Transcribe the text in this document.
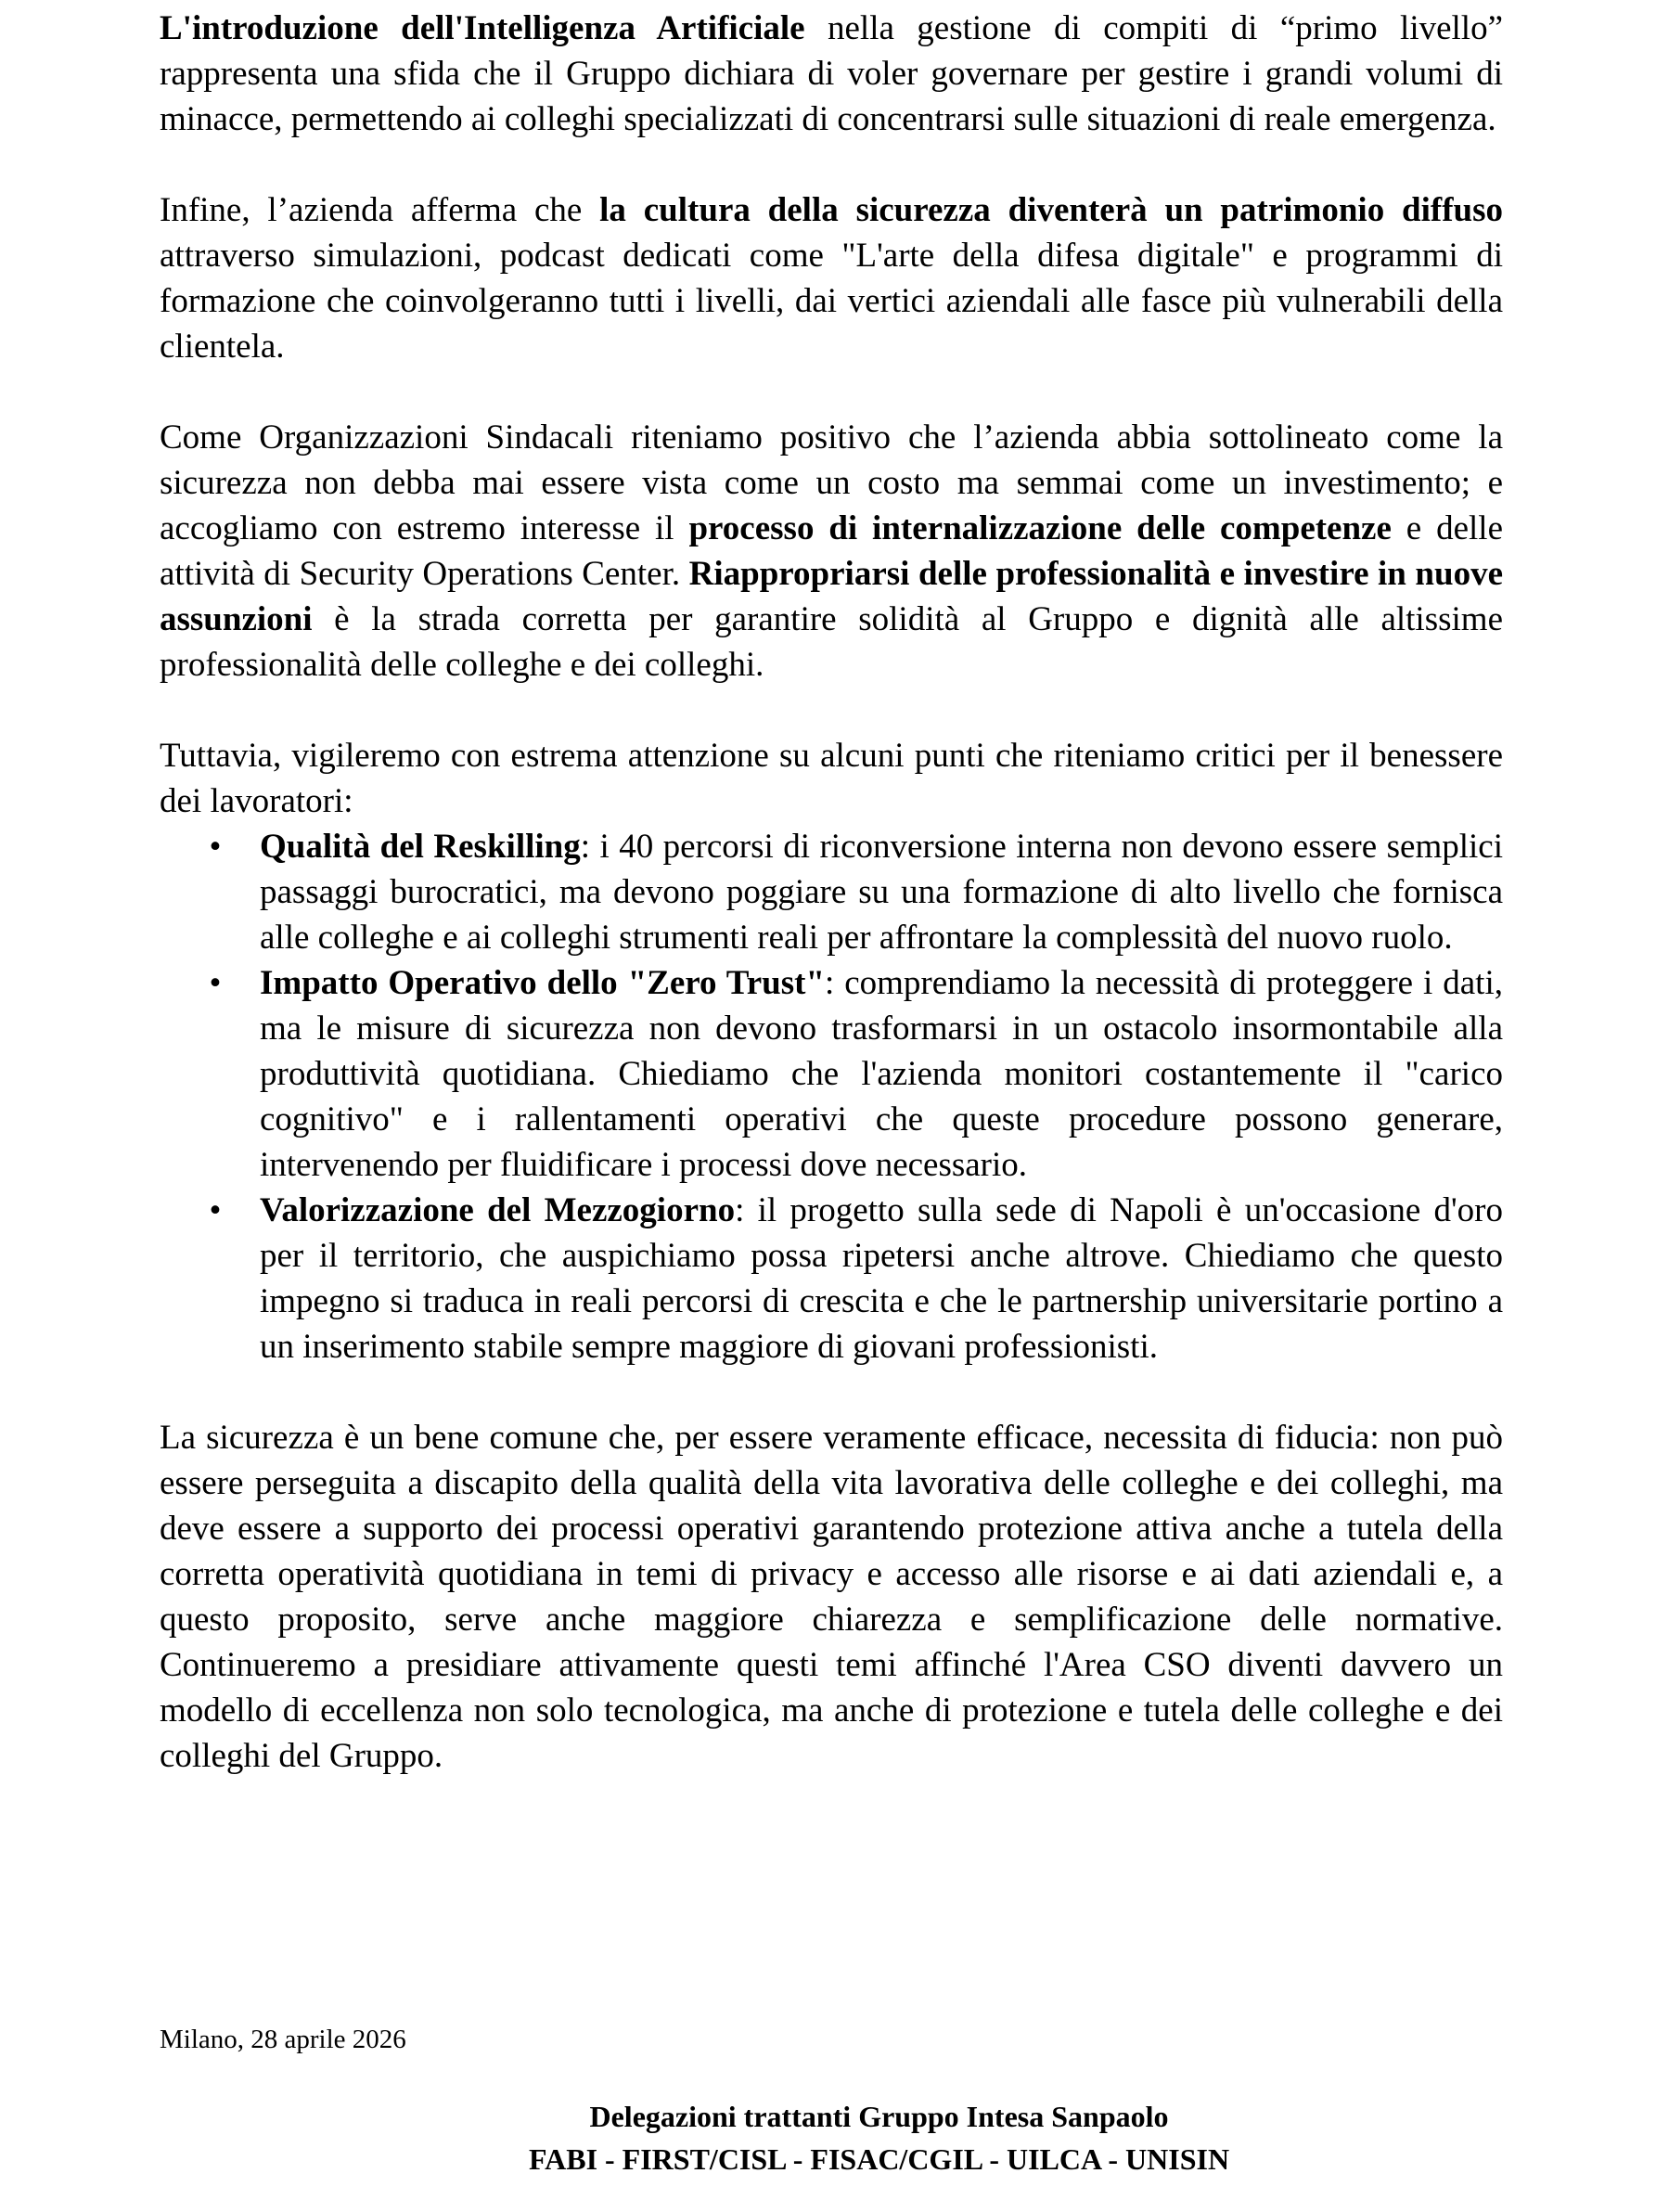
L'introduzione dell'Intelligenza Artificiale nella gestione di compiti di “primo livello” rappresenta una sfida che il Gruppo dichiara di voler governare per gestire i grandi volumi di minacce, permettendo ai colleghi specializzati di concentrarsi sulle situazioni di reale emergenza.

Infine, l’azienda afferma che la cultura della sicurezza diventerà un patrimonio diffuso attraverso simulazioni, podcast dedicati come "L'arte della difesa digitale" e programmi di formazione che coinvolgeranno tutti i livelli, dai vertici aziendali alle fasce più vulnerabili della clientela.

Come Organizzazioni Sindacali riteniamo positivo che l’azienda abbia sottolineato come la sicurezza non debba mai essere vista come un costo ma semmai come un investimento; e accogliamo con estremo interesse il processo di internalizzazione delle competenze e delle attività di Security Operations Center. Riappropriarsi delle professionalità e investire in nuove assunzioni è la strada corretta per garantire solidità al Gruppo e dignità alle altissime professionalità delle colleghe e dei colleghi.

Tuttavia, vigileremo con estrema attenzione su alcuni punti che riteniamo critici per il benessere dei lavoratori:

• Qualità del Reskilling: i 40 percorsi di riconversione interna non devono essere semplici passaggi burocratici, ma devono poggiare su una formazione di alto livello che fornisca alle colleghe e ai colleghi strumenti reali per affrontare la complessità del nuovo ruolo.
• Impatto Operativo dello "Zero Trust": comprendiamo la necessità di proteggere i dati, ma le misure di sicurezza non devono trasformarsi in un ostacolo insormontabile alla produttività quotidiana. Chiediamo che l'azienda monitori costantemente il "carico cognitivo" e i rallentamenti operativi che queste procedure possono generare, intervenendo per fluidificare i processi dove necessario.
• Valorizzazione del Mezzogiorno: il progetto sulla sede di Napoli è un'occasione d'oro per il territorio, che auspichiamo possa ripetersi anche altrove. Chiediamo che questo impegno si traduca in reali percorsi di crescita e che le partnership universitarie portino a un inserimento stabile sempre maggiore di giovani professionisti.

La sicurezza è un bene comune che, per essere veramente efficace, necessita di fiducia: non può essere perseguita a discapito della qualità della vita lavorativa delle colleghe e dei colleghi, ma deve essere a supporto dei processi operativi garantendo protezione attiva anche a tutela della corretta operatività quotidiana in temi di privacy e accesso alle risorse e ai dati aziendali e, a questo proposito, serve anche maggiore chiarezza e semplificazione delle normative. Continueremo a presidiare attivamente questi temi affinché l'Area CSO diventi davvero un modello di eccellenza non solo tecnologica, ma anche di protezione e tutela delle colleghe e dei colleghi del Gruppo.

Milano, 28 aprile 2026
Delegazioni trattanti Gruppo Intesa Sanpaolo
FABI - FIRST/CISL - FISAC/CGIL - UILCA - UNISIN
